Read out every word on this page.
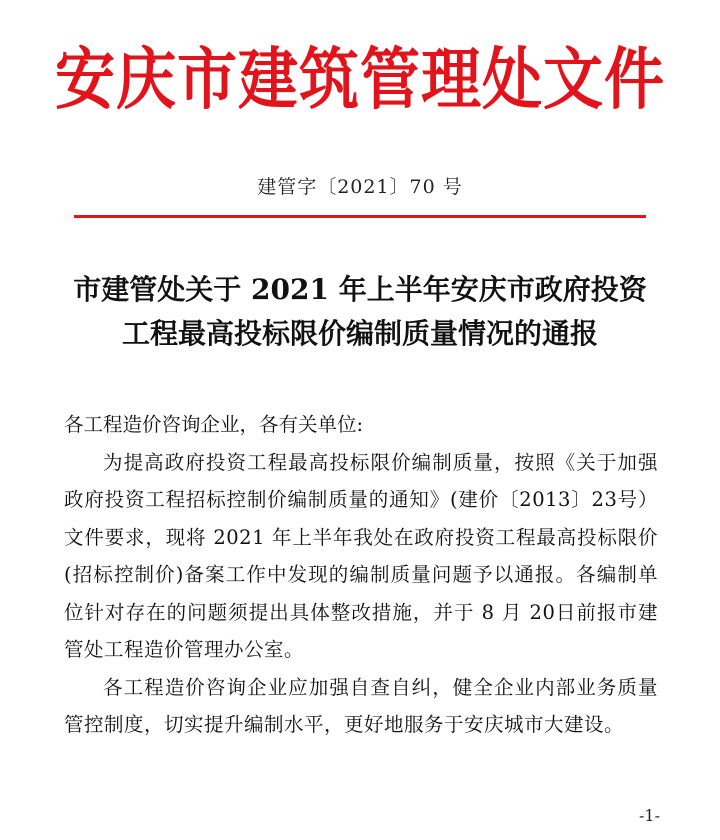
安庆市建筑管理处文件
建管字〔2021〕70 号
市建管处关于 2021 年上半年安庆市政府投资
工程最高投标限价编制质量情况的通报

各工程造价咨询企业，各有关单位:

为提高政府投资工程最高投标限价编制质量，按照《关于加强政府投资工程招标控制价编制质量的通知》(建价〔2013〕23号）文件要求，现将 2021 年上半年我处在政府投资工程最高投标限价(招标控制价)备案工作中发现的编制质量问题予以通报。各编制单位针对存在的问题须提出具体整改措施，并于 8 月 20日前报市建管处工程造价管理办公室。

各工程造价咨询企业应加强自查自纠，健全企业内部业务质量管控制度，切实提升编制水平，更好地服务于安庆城市大建设。

-1-
